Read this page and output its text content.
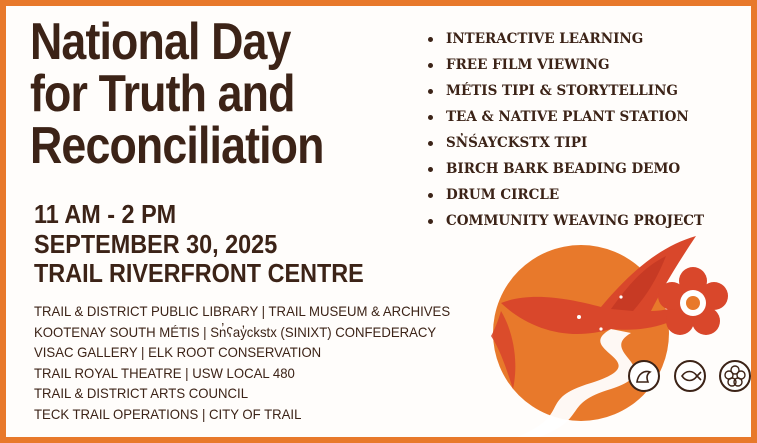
National Day
for Truth and
Reconciliation
11 AM - 2 PM
SEPTEMBER 30, 2025
TRAIL RIVERFRONT CENTRE
INTERACTIVE LEARNING
FREE FILM VIEWING
MÉTIS TIPI & STORYTELLING
TEA & NATIVE PLANT STATION
SN̓ŚAYCKSTX TIPI
BIRCH BARK BEADING DEMO
DRUM CIRCLE
COMMUNITY WEAVING PROJECT
TRAIL & DISTRICT PUBLIC LIBRARY | TRAIL MUSEUM & ARCHIVES
KOOTENAY SOUTH MÉTIS | Sn̓ʕay̓ckstx (SINIXT) CONFEDERACY
VISAC GALLERY | ELK ROOT CONSERVATION
TRAIL ROYAL THEATRE | USW LOCAL 480
TRAIL & DISTRICT ARTS COUNCIL
TECK TRAIL OPERATIONS | CITY OF TRAIL
